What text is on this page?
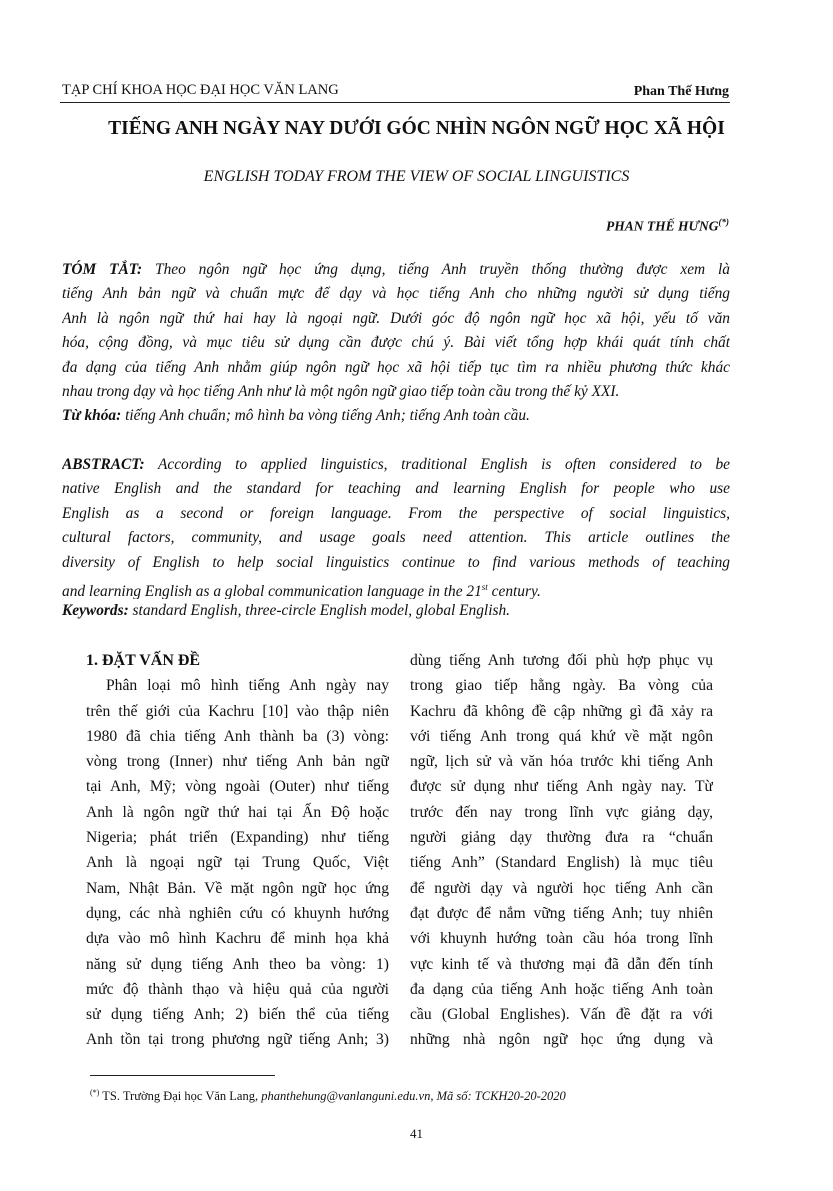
TẠP CHÍ KHOA HỌC ĐẠI HỌC VĂN LANG	Phan Thế Hưng
TIẾNG ANH NGÀY NAY DƯỚI GÓC NHÌN NGÔN NGỮ HỌC XÃ HỘI
ENGLISH TODAY FROM THE VIEW OF SOCIAL LINGUISTICS
PHAN THẾ HƯNG(*)
TÓM TẮT: Theo ngôn ngữ học ứng dụng, tiếng Anh truyền thống thường được xem là
tiếng Anh bản ngữ và chuẩn mực để dạy và học tiếng Anh cho những người sử dụng tiếng
Anh là ngôn ngữ thứ hai hay là ngoại ngữ. Dưới góc độ ngôn ngữ học xã hội, yếu tố văn
hóa, cộng đồng, và mục tiêu sử dụng cần được chú ý. Bài viết tổng hợp khái quát tính chất
đa dạng của tiếng Anh nhằm giúp ngôn ngữ học xã hội tiếp tục tìm ra nhiều phương thức khác
nhau trong dạy và học tiếng Anh như là một ngôn ngữ giao tiếp toàn cầu trong thế kỷ XXI.
Từ khóa: tiếng Anh chuẩn; mô hình ba vòng tiếng Anh; tiếng Anh toàn cầu.
ABSTRACT: According to applied linguistics, traditional English is often considered to be
native English and the standard for teaching and learning English for people who use
English as a second or foreign language. From the perspective of social linguistics,
cultural factors, community, and usage goals need attention. This article outlines the
diversity of English to help social linguistics continue to find various methods of teaching
and learning English as a global communication language in the 21st century.
Keywords: standard English, three-circle English model, global English.
1. ĐẶT VẤN ĐỀ
Phân loại mô hình tiếng Anh ngày nay
trên thế giới của Kachru [10] vào thập niên
1980 đã chia tiếng Anh thành ba (3) vòng:
vòng trong (Inner) như tiếng Anh bản ngữ
tại Anh, Mỹ; vòng ngoài (Outer) như tiếng
Anh là ngôn ngữ thứ hai tại Ấn Độ hoặc
Nigeria; phát triển (Expanding) như tiếng
Anh là ngoại ngữ tại Trung Quốc, Việt
Nam, Nhật Bản. Về mặt ngôn ngữ học ứng
dụng, các nhà nghiên cứu có khuynh hướng
dựa vào mô hình Kachru để minh họa khả
năng sử dụng tiếng Anh theo ba vòng: 1)
mức độ thành thạo và hiệu quả của người
sử dụng tiếng Anh; 2) biến thể của tiếng
Anh tồn tại trong phương ngữ tiếng Anh; 3)
dùng tiếng Anh tương đối phù hợp phục vụ
trong giao tiếp hằng ngày. Ba vòng của
Kachru đã không đề cập những gì đã xảy ra
với tiếng Anh trong quá khứ về mặt ngôn
ngữ, lịch sử và văn hóa trước khi tiếng Anh
được sử dụng như tiếng Anh ngày nay. Từ
trước đến nay trong lĩnh vực giảng dạy,
người giảng dạy thường đưa ra “chuẩn
tiếng Anh” (Standard English) là mục tiêu
để người dạy và người học tiếng Anh cần
đạt được để nắm vững tiếng Anh; tuy nhiên
với khuynh hướng toàn cầu hóa trong lĩnh
vực kinh tế và thương mại đã dẫn đến tính
đa dạng của tiếng Anh hoặc tiếng Anh toàn
cầu (Global Englishes). Vấn đề đặt ra với
những nhà ngôn ngữ học ứng dụng và
(*) TS. Trường Đại học Văn Lang, phanthehung@vanlanguni.edu.vn, Mã số: TCKH20-20-2020
41
